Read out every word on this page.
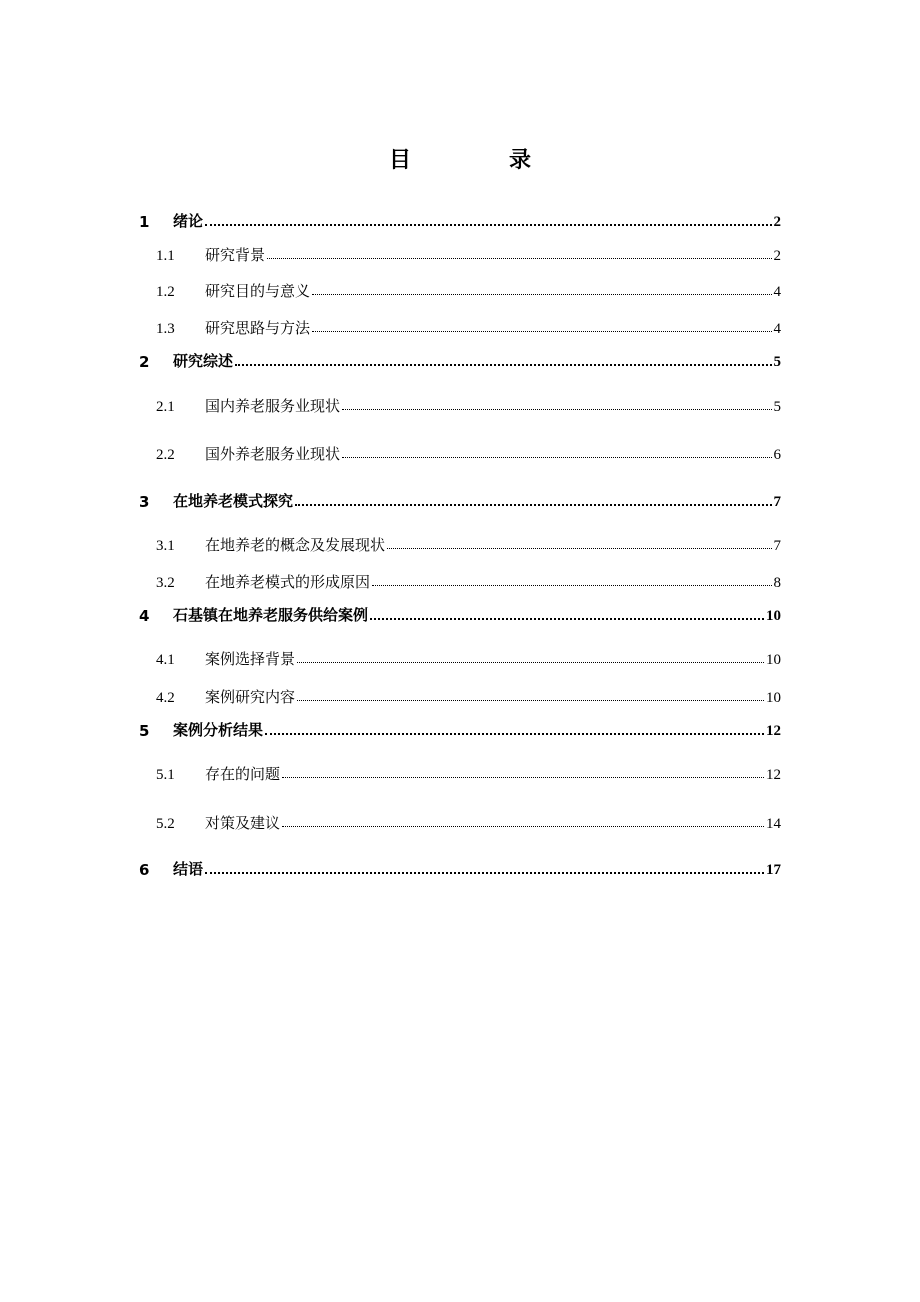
目　录
1	绪论	2
1.1	研究背景	2
1.2	研究目的与意义	4
1.3	研究思路与方法	4
2	研究综述	5
2.1	国内养老服务业现状	5
2.2	国外养老服务业现状	6
3	在地养老模式探究	7
3.1	在地养老的概念及发展现状	7
3.2	在地养老模式的形成原因	8
4	石基镇在地养老服务供给案例	10
4.1	案例选择背景	10
4.2	案例研究内容	10
5	案例分析结果	12
5.1	存在的问题	12
5.2	对策及建议	14
6	结语	17
